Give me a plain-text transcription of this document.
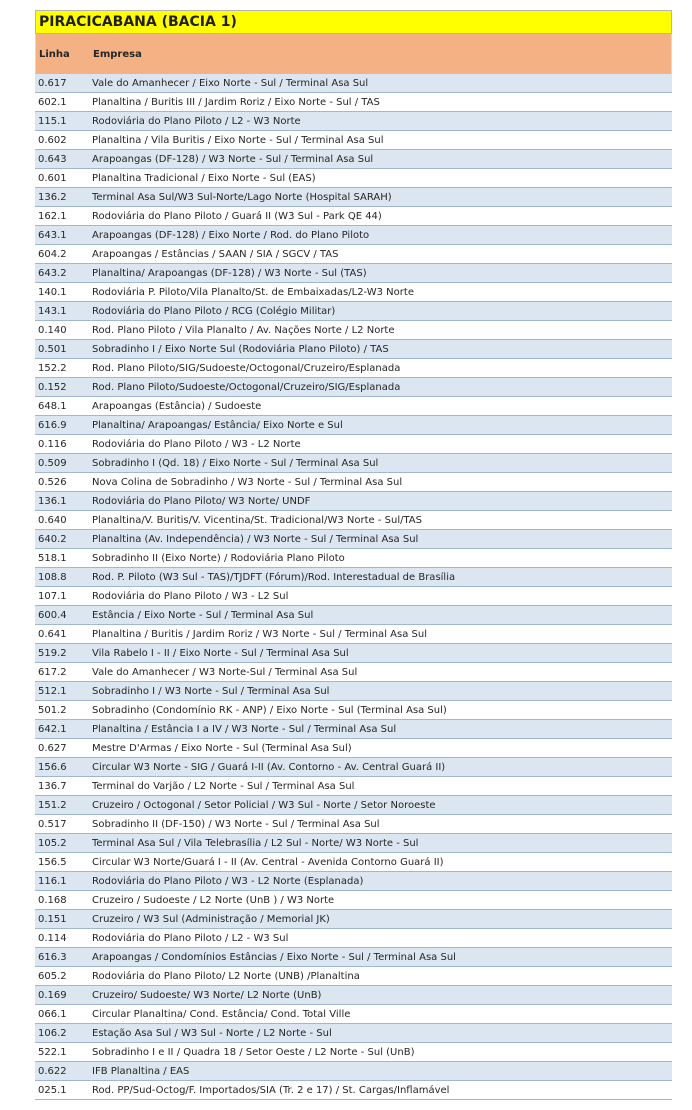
PIRACICABANA (BACIA 1)
Linha	Empresa
0.617	Vale do Amanhecer / Eixo Norte - Sul / Terminal Asa Sul
602.1	Planaltina / Buritis III / Jardim Roriz / Eixo Norte - Sul / TAS
115.1	Rodoviária do Plano Piloto / L2 - W3 Norte
0.602	Planaltina / Vila Buritis / Eixo Norte - Sul / Terminal Asa Sul
0.643	Arapoangas (DF-128) / W3 Norte - Sul / Terminal Asa Sul
0.601	Planaltina Tradicional / Eixo Norte - Sul (EAS)
136.2	Terminal Asa Sul/W3 Sul-Norte/Lago Norte (Hospital SARAH)
162.1	Rodoviária do Plano Piloto / Guará II (W3 Sul - Park QE 44)
643.1	Arapoangas (DF-128) / Eixo Norte / Rod. do Plano Piloto
604.2	Arapoangas / Estâncias / SAAN / SIA / SGCV / TAS
643.2	Planaltina/ Arapoangas (DF-128) / W3 Norte - Sul (TAS)
140.1	Rodoviária P. Piloto/Vila Planalto/St. de Embaixadas/L2-W3 Norte
143.1	Rodoviária do Plano Piloto / RCG (Colégio Militar)
0.140	Rod. Plano Piloto / Vila Planalto / Av. Nações Norte / L2 Norte
0.501	Sobradinho I / Eixo Norte Sul (Rodoviária Plano Piloto) / TAS
152.2	Rod. Plano Piloto/SIG/Sudoeste/Octogonal/Cruzeiro/Esplanada
0.152	Rod. Plano Piloto/Sudoeste/Octogonal/Cruzeiro/SIG/Esplanada
648.1	Arapoangas (Estância) / Sudoeste
616.9	Planaltina/ Arapoangas/ Estância/ Eixo Norte e Sul
0.116	Rodoviária do Plano Piloto / W3 - L2 Norte
0.509	Sobradinho I (Qd. 18) / Eixo Norte - Sul / Terminal Asa Sul
0.526	Nova Colina de Sobradinho / W3 Norte - Sul / Terminal Asa Sul
136.1	Rodoviária do Plano Piloto/ W3 Norte/ UNDF
0.640	Planaltina/V. Buritis/V. Vicentina/St. Tradicional/W3 Norte - Sul/TAS
640.2	Planaltina (Av. Independência) / W3 Norte - Sul / Terminal Asa Sul
518.1	Sobradinho II (Eixo Norte) / Rodoviária Plano Piloto
108.8	Rod. P. Piloto (W3 Sul - TAS)/TJDFT (Fórum)/Rod. Interestadual de Brasília
107.1	Rodoviária do Plano Piloto / W3 - L2 Sul
600.4	Estância / Eixo Norte - Sul / Terminal Asa Sul
0.641	Planaltina / Buritis / Jardim Roriz / W3 Norte - Sul / Terminal Asa Sul
519.2	Vila Rabelo I - II / Eixo Norte - Sul / Terminal Asa Sul
617.2	Vale do Amanhecer / W3 Norte-Sul / Terminal Asa Sul
512.1	Sobradinho I / W3 Norte - Sul / Terminal Asa Sul
501.2	Sobradinho (Condomínio RK - ANP) / Eixo Norte - Sul (Terminal Asa Sul)
642.1	Planaltina / Estância I a IV / W3 Norte - Sul / Terminal Asa Sul
0.627	Mestre D'Armas / Eixo Norte - Sul (Terminal Asa Sul)
156.6	Circular W3 Norte - SIG / Guará I-II (Av. Contorno - Av. Central Guará II)
136.7	Terminal do Varjão / L2 Norte - Sul / Terminal Asa Sul
151.2	Cruzeiro / Octogonal / Setor Policial / W3 Sul - Norte / Setor Noroeste
0.517	Sobradinho II (DF-150) / W3 Norte - Sul / Terminal Asa Sul
105.2	Terminal Asa Sul / Vila Telebrasília / L2 Sul - Norte/ W3 Norte - Sul
156.5	Circular W3 Norte/Guará I - II (Av. Central - Avenida Contorno Guará II)
116.1	Rodoviária do Plano Piloto / W3 - L2 Norte (Esplanada)
0.168	Cruzeiro / Sudoeste / L2 Norte (UnB ) / W3 Norte
0.151	Cruzeiro / W3 Sul (Administração / Memorial JK)
0.114	Rodoviária do Plano Piloto / L2 - W3 Sul
616.3	Arapoangas / Condomínios Estâncias / Eixo Norte - Sul / Terminal Asa Sul
605.2	Rodoviária do Plano Piloto/ L2 Norte (UNB) /Planaltina
0.169	Cruzeiro/ Sudoeste/ W3 Norte/ L2 Norte (UnB)
066.1	Circular Planaltina/ Cond. Estância/ Cond. Total Ville
106.2	Estação Asa Sul / W3 Sul - Norte / L2 Norte - Sul
522.1	Sobradinho I e II / Quadra 18 / Setor Oeste / L2 Norte - Sul (UnB)
0.622	IFB Planaltina / EAS
025.1	Rod. PP/Sud-Octog/F. Importados/SIA (Tr. 2 e 17) / St. Cargas/Inflamável
